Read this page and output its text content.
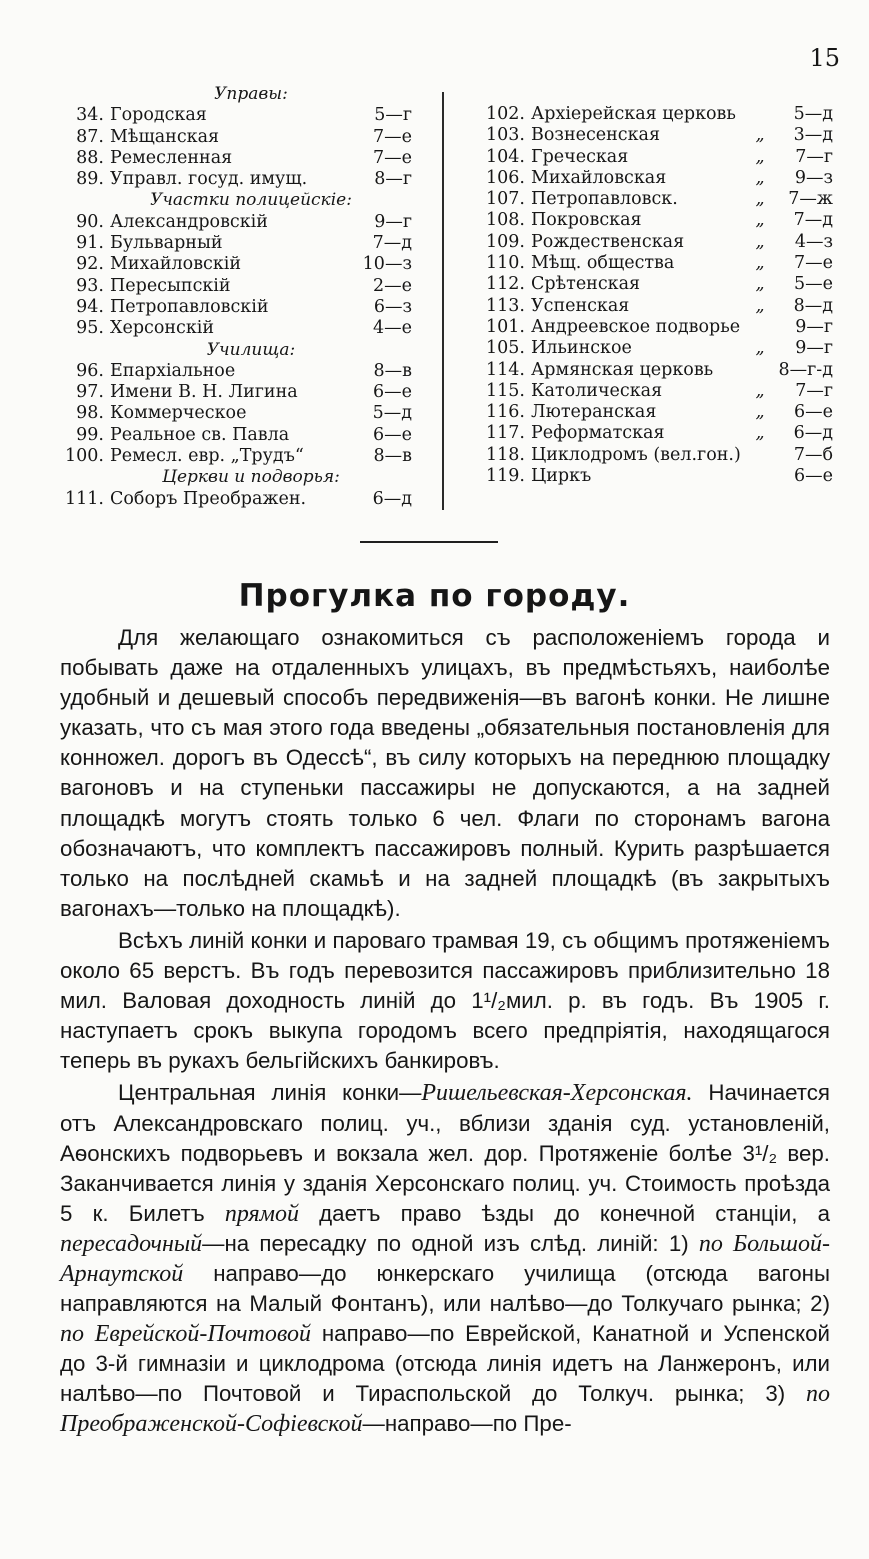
15
Управы:
34. Городская	5—г
87. Мѣщанская	7—е
88. Ремесленная	7—е
89. Управл. госуд. имущ.	8—г
Участки полицейскіе:
90. Александровскій	9—г
91. Бульварный	7—д
92. Михайловскій	10—з
93. Пересыпскій	2—е
94. Петропавловскій	6—з
95. Херсонскій	4—е
Училища:
96. Епархіальное	8—в
97. Имени В. Н. Лигина	6—е
98. Коммерческое	5—д
99. Реальное св. Павла	6—е
100. Ремесл. евр. „Трудъ“	8—в
Церкви и подворья:
111. Соборъ Преображен.	6—д
102. Архіерейская церковь	5—д
103. Вознесенская	„	3—д
104. Греческая	„	7—г
106. Михайловская	„	9—з
107. Петропавловск.	„	7—ж
108. Покровская	„	7—д
109. Рождественская	„	4—з
110. Мѣщ. общества	„	7—е
112. Срѣтенская	„	5—е
113. Успенская	„	8—д
101. Андреевское подворье	9—г
105. Ильинское	„	9—г
114. Армянская церковь	8—г-д
115. Католическая	„	7—г
116. Лютеранская	„	6—е
117. Реформатская	„	6—д
118. Циклодромъ (вел.гон.)	7—б
119. Циркъ	6—е
Прогулка по городу.

Для желающаго ознакомиться съ расположеніемъ города и побывать даже на отдаленныхъ улицахъ, въ предмѣстьяхъ, наиболѣе удобный и дешевый способъ передвиженія—въ вагонѣ конки. Не лишне указать, что съ мая этого года введены „обязательныя постановленія для конножел. дорогъ въ Одессѣ“, въ силу которыхъ на переднюю площадку вагоновъ и на ступеньки пассажиры не допускаются, а на задней площадкѣ могутъ стоять только 6 чел. Флаги по сторонамъ вагона обозначаютъ, что комплектъ пассажировъ полный. Курить разрѣшается только на послѣдней скамьѣ и на задней площадкѣ (въ закрытыхъ вагонахъ—только на площадкѣ).

Всѣхъ линій конки и пароваго трамвая 19, съ общимъ протяженіемъ около 65 верстъ. Въ годъ перевозится пассажировъ приблизительно 18 мил. Валовая доходность линій до 1¹/₂мил. р. въ годъ. Въ 1905 г. наступаетъ срокъ выкупа городомъ всего предпріятія, находящагося теперь въ рукахъ бельгійскихъ банкировъ.

Центральная линія конки—Ришельевская-Херсонская. Начинается отъ Александровскаго полиц. уч., вблизи зданія суд. установленій, Аѳонскихъ подворьевъ и вокзала жел. дор. Протяженіе болѣе 3¹/₂ вер. Заканчивается линія у зданія Херсонскаго полиц. уч. Стоимость проѣзда 5 к. Билетъ прямой даетъ право ѣзды до конечной станціи, а пересадочный—на пересадку по одной изъ слѣд. линій: 1) по Большой-Арнаутской направо—до юнкерскаго училища (отсюда вагоны направляются на Малый Фонтанъ), или налѣво—до Толкучаго рынка; 2) по Еврейской-Почтовой направо—по Еврейской, Канатной и Успенской до 3-й гимназіи и циклодрома (отсюда линія идетъ на Ланжеронъ, или налѣво—по Почтовой и Тираспольской до Толкуч. рынка; 3) по Преображенской-Софіевской—направо—по Пре-
